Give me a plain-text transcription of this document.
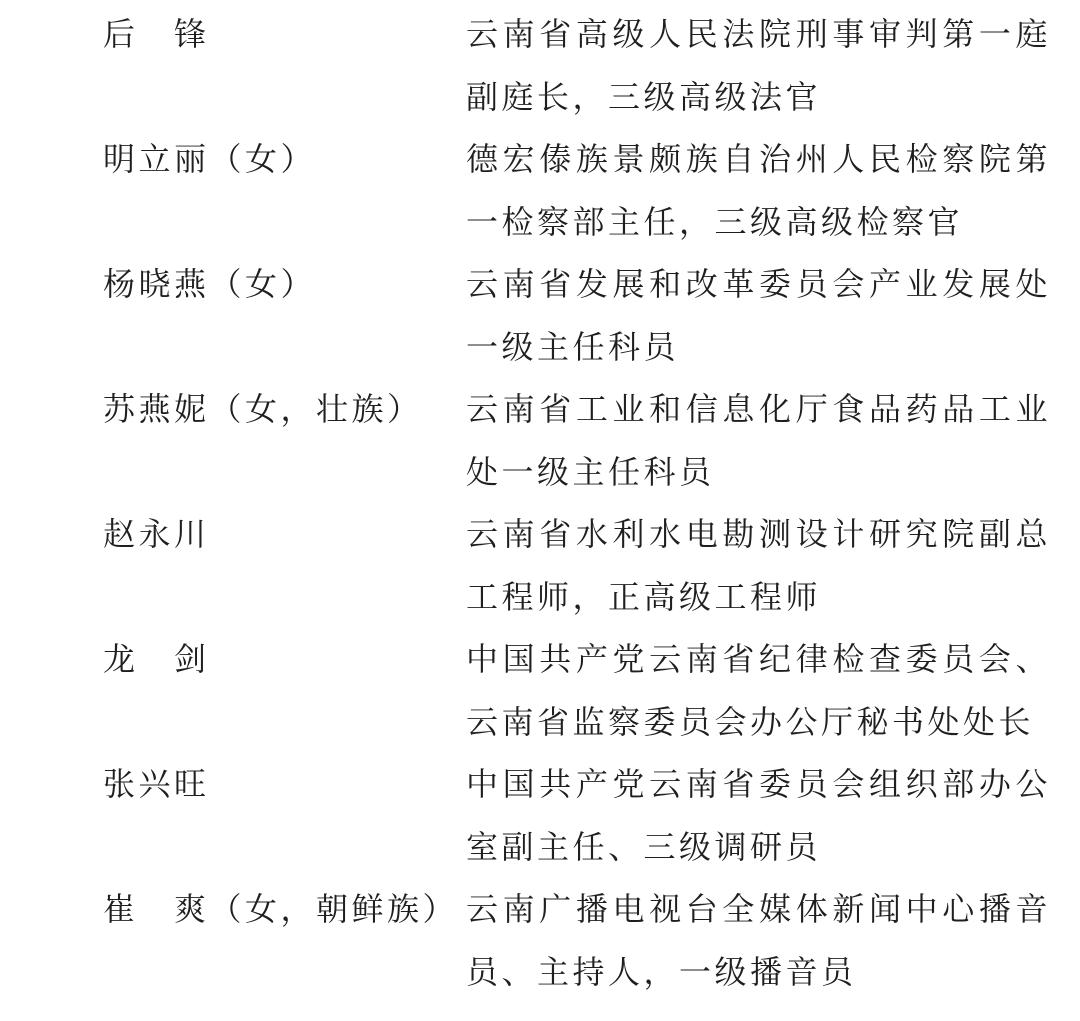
后　锋	云南省高级人民法院刑事审判第一庭副庭长，三级高级法官
明立丽（女）	德宏傣族景颇族自治州人民检察院第一检察部主任，三级高级检察官
杨晓燕（女）	云南省发展和改革委员会产业发展处一级主任科员
苏燕妮（女，壮族）	云南省工业和信息化厅食品药品工业处一级主任科员
赵永川	云南省水利水电勘测设计研究院副总工程师，正高级工程师
龙　剑	中国共产党云南省纪律检查委员会、云南省监察委员会办公厅秘书处处长
张兴旺	中国共产党云南省委员会组织部办公室副主任、三级调研员
崔　爽（女，朝鲜族） 云南广播电视台全媒体新闻中心播音员、主持人，一级播音员
